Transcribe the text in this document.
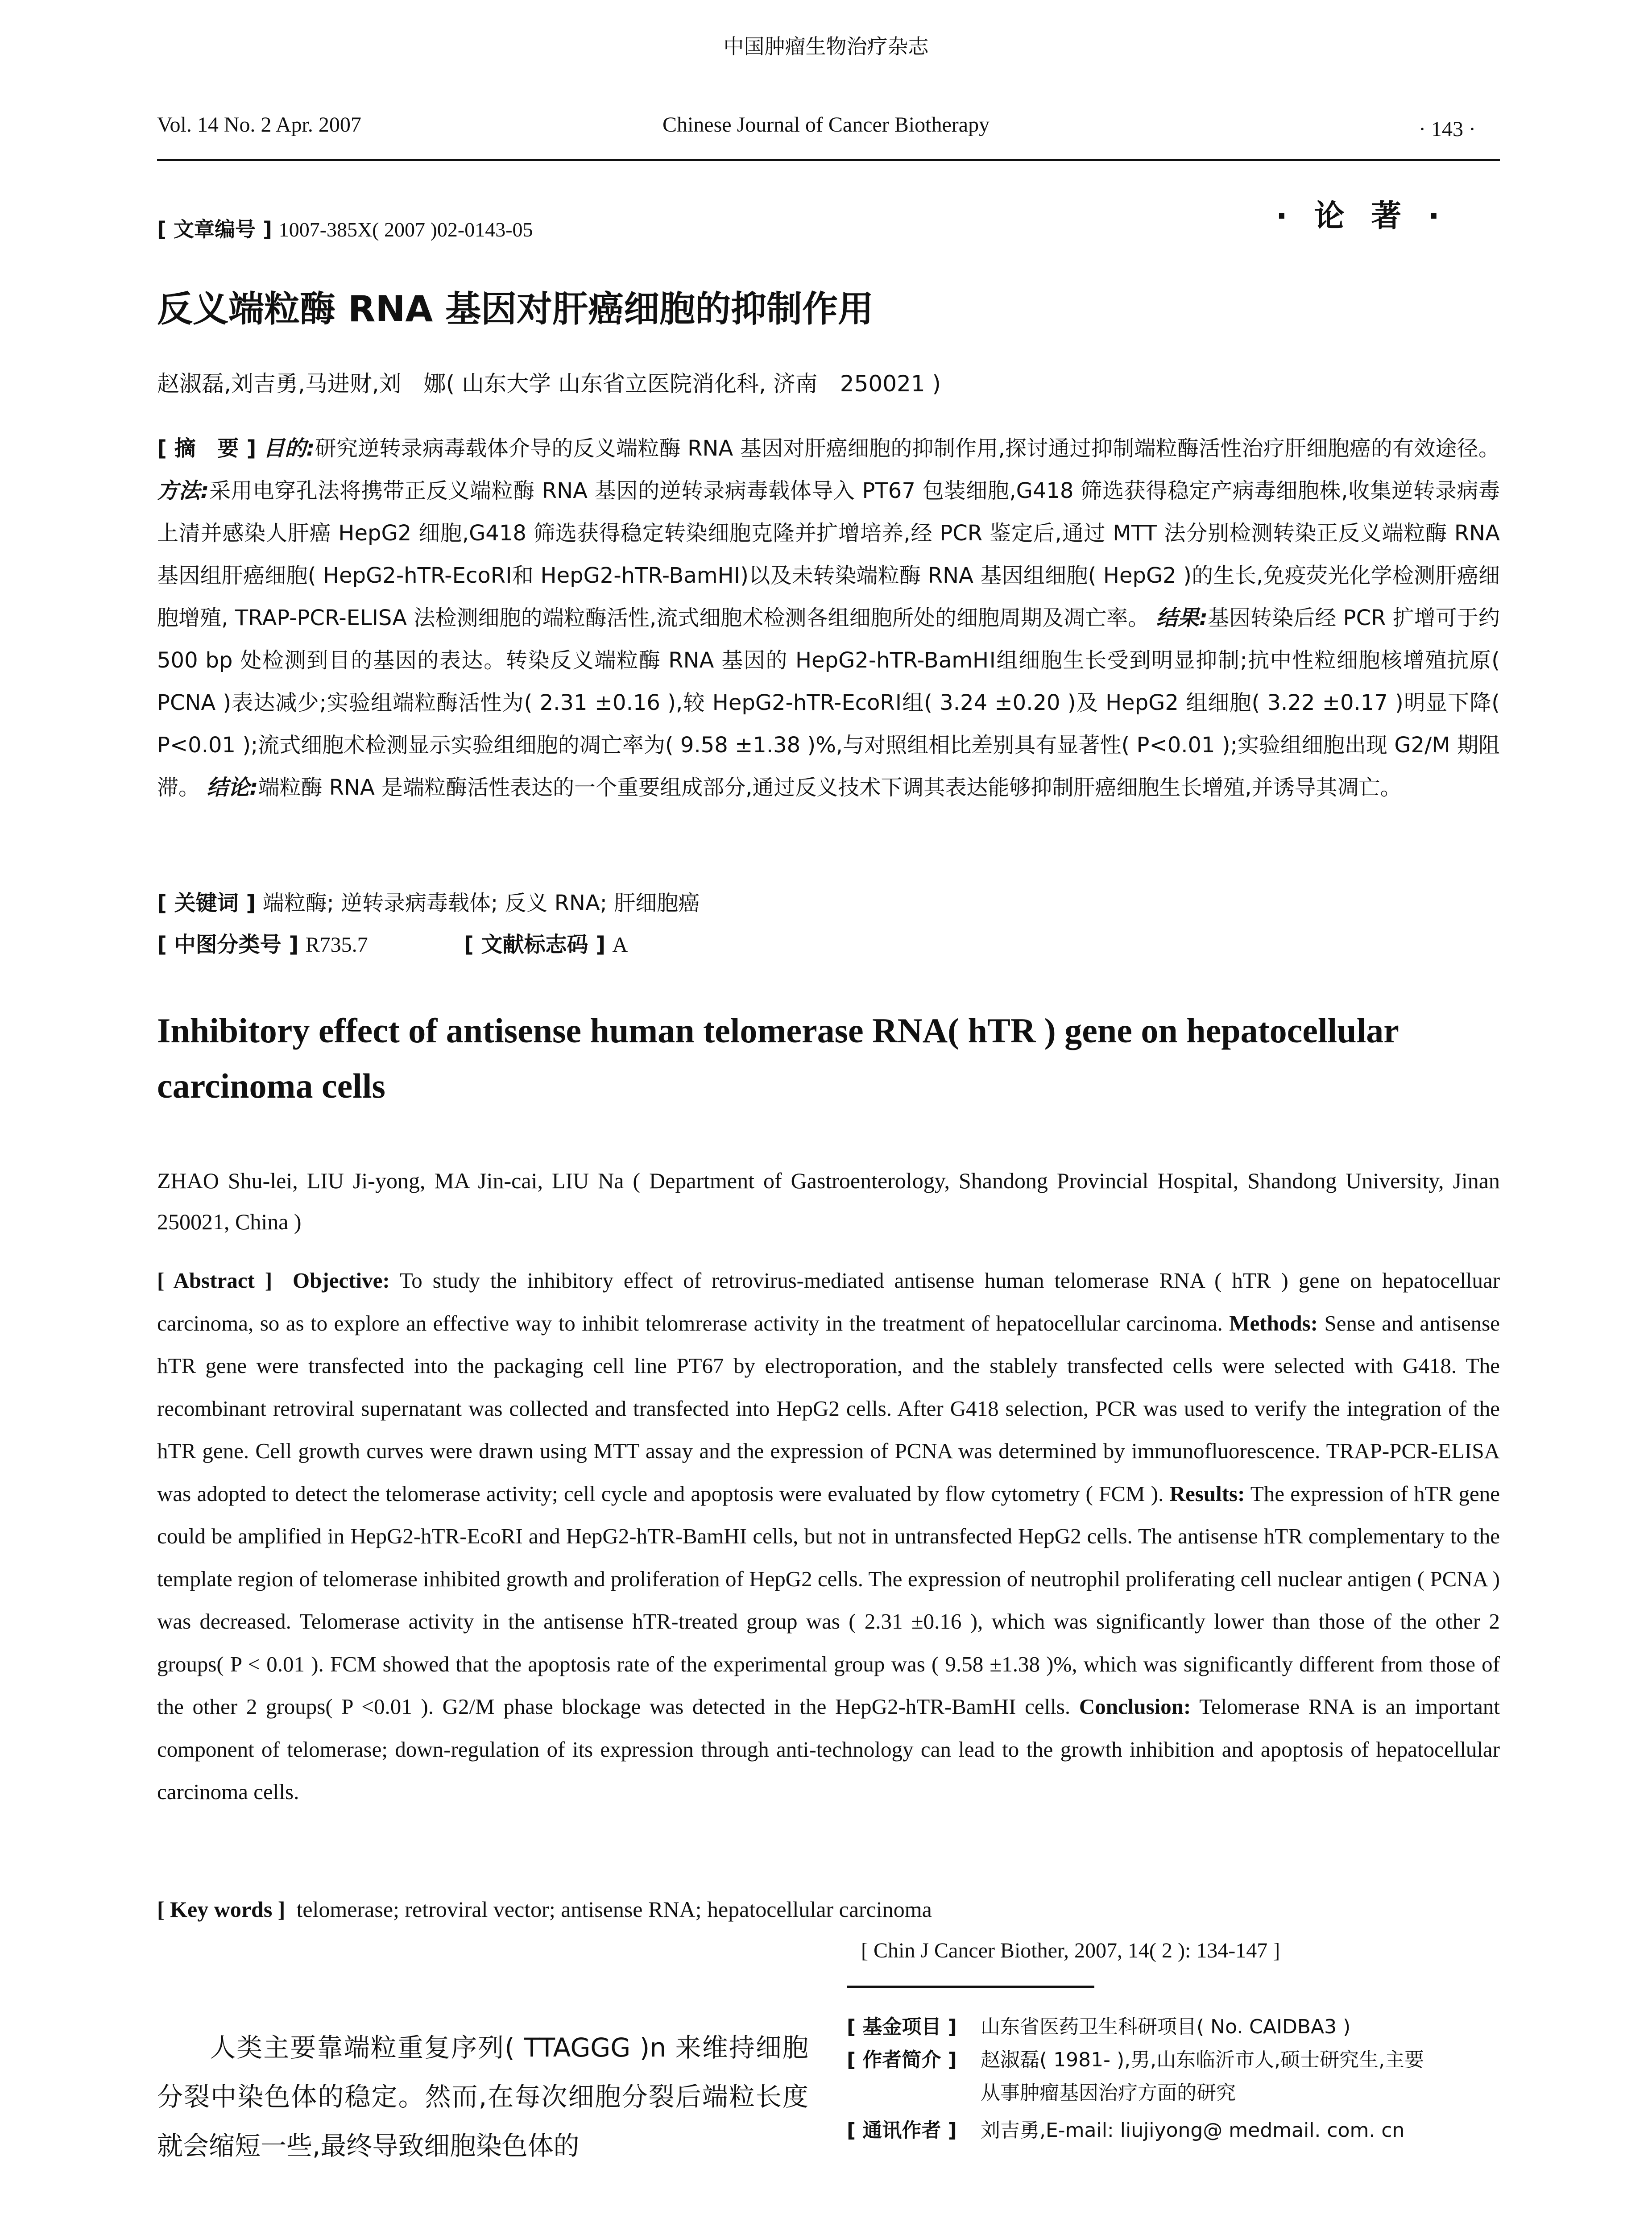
中国肿瘤生物治疗杂志
Vol. 14 No. 2 Apr. 2007	Chinese Journal of Cancer Biotherapy	· 143 ·
[ 文章编号 ] 1007-385X( 2007 )02-0143-05	· 论 著 ·
反义端粒酶 RNA 基因对肝癌细胞的抑制作用
赵淑磊,刘吉勇,马进财,刘　娜( 山东大学 山东省立医院消化科, 济南　250021 )
[ 摘　要 ] 目的:研究逆转录病毒载体介导的反义端粒酶 RNA 基因对肝癌细胞的抑制作用,探讨通过抑制端粒酶活性治疗肝细胞癌的有效途径。 方法:采用电穿孔法将携带正反义端粒酶 RNA 基因的逆转录病毒载体导入 PT67 包装细胞,G418 筛选获得稳定产病毒细胞株,收集逆转录病毒上清并感染人肝癌 HepG2 细胞,G418 筛选获得稳定转染细胞克隆并扩增培养,经 PCR 鉴定后,通过 MTT 法分别检测转染正反义端粒酶 RNA 基因组肝癌细胞( HepG2-hTR-EcoRⅠ和 HepG2-hTR-BamHⅠ)以及未转染端粒酶 RNA 基因组细胞( HepG2 )的生长,免疫荧光化学检测肝癌细胞增殖, TRAP-PCR-ELISA 法检测细胞的端粒酶活性,流式细胞术检测各组细胞所处的细胞周期及凋亡率。 结果:基因转染后经 PCR 扩增可于约 500 bp 处检测到目的基因的表达。转染反义端粒酶 RNA 基因的 HepG2-hTR-BamHⅠ组细胞生长受到明显抑制;抗中性粒细胞核增殖抗原( PCNA )表达减少;实验组端粒酶活性为( 2.31 ±0.16 ),较 HepG2-hTR-EcoRⅠ组( 3.24 ±0.20 )及 HepG2 组细胞( 3.22 ±0.17 )明显下降( P<0.01 );流式细胞术检测显示实验组细胞的凋亡率为( 9.58 ±1.38 )%,与对照组相比差别具有显著性( P<0.01 );实验组细胞出现 G2/M 期阻滞。 结论:端粒酶 RNA 是端粒酶活性表达的一个重要组成部分,通过反义技术下调其表达能够抑制肝癌细胞生长增殖,并诱导其凋亡。
[ 关键词 ] 端粒酶; 逆转录病毒载体; 反义 RNA; 肝细胞癌
[ 中图分类号 ] R735.7	[ 文献标志码 ] A
Inhibitory effect of antisense human telomerase RNA( hTR ) gene on hepatocellular carcinoma cells
ZHAO Shu-lei, LIU Ji-yong, MA Jin-cai, LIU Na ( Department of Gastroenterology, Shandong Provincial Hospital, Shandong University, Jinan 250021, China )
[ Abstract ] Objective: To study the inhibitory effect of retrovirus-mediated antisense human telomerase RNA ( hTR ) gene on hepatocelluar carcinoma, so as to explore an effective way to inhibit telomrerase activity in the treatment of hepatocellular carcinoma. Methods: Sense and antisense hTR gene were transfected into the packaging cell line PT67 by electroporation, and the stablely transfected cells were selected with G418. The recombinant retroviral supernatant was collected and transfected into HepG2 cells. After G418 selection, PCR was used to verify the integration of the hTR gene. Cell growth curves were drawn using MTT assay and the expression of PCNA was determined by immunofluorescence. TRAP-PCR-ELISA was adopted to detect the telomerase activity; cell cycle and apoptosis were evaluated by flow cytometry ( FCM ). Results: The expression of hTR gene could be amplified in HepG2-hTR-EcoRI and HepG2-hTR-BamHI cells, but not in untransfected HepG2 cells. The antisense hTR complementary to the template region of telomerase inhibited growth and proliferation of HepG2 cells. The expression of neutrophil proliferating cell nuclear antigen ( PCNA ) was decreased. Telomerase activity in the antisense hTR-treated group was ( 2.31 ±0.16 ), which was significantly lower than those of the other 2 groups( P < 0.01 ). FCM showed that the apoptosis rate of the experimental group was ( 9.58 ±1.38 )%, which was significantly different from those of the other 2 groups( P <0.01 ). G2/M phase blockage was detected in the HepG2-hTR-BamHI cells. Conclusion: Telomerase RNA is an important component of telomerase; down-regulation of its expression through anti-technology can lead to the growth inhibition and apoptosis of hepatocellular carcinoma cells.
[ Key words ] telomerase; retroviral vector; antisense RNA; hepatocellular carcinoma
[ Chin J Cancer Biother, 2007, 14( 2 ): 134-147 ]
人类主要靠端粒重复序列( TTAGGG )n 来维持细胞分裂中染色体的稳定。然而,在每次细胞分裂后端粒长度就会缩短一些,最终导致细胞染色体的
[ 基金项目 ] 山东省医药卫生科研项目( No. CAIDBA3 )
[ 作者简介 ] 赵淑磊( 1981- ),男,山东临沂市人,硕士研究生,主要
从事肿瘤基因治疗方面的研究
[ 通讯作者 ] 刘吉勇,E-mail: liujiyong@ medmail. com. cn
